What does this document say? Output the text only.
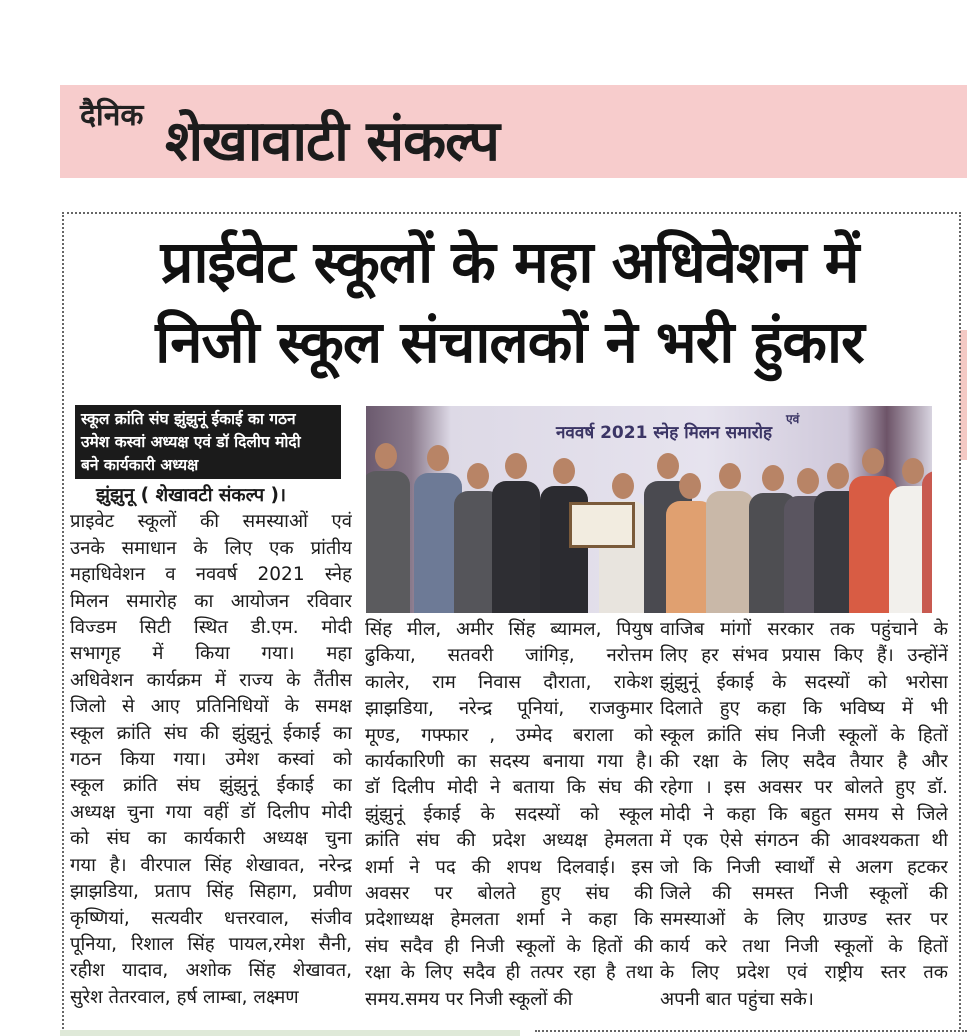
दैनिक शेखावाटी संकल्प
प्राईवेट स्कूलों के महा अधिवेशन में
निजी स्कूल संचालकों ने भरी हुंकार
स्कूल क्रांति संघ झुंझुनूं ईकाई का गठन
उमेश कस्वां अध्यक्ष एवं डॉ दिलीप मोदी
बने कार्यकारी अध्यक्ष
एवं
नववर्ष 2021 स्नेह मिलन समारोह
झुंझुनू ( शेखावटी संकल्प )।
प्राइवेट स्कूलों की समस्याओं एवं
उनके समाधान के लिए एक प्रांतीय
महाधिवेशन व नववर्ष 2021 स्नेह
मिलन समारोह का आयोजन रविवार
विज्डम सिटी स्थित डी.एम. मोदी
सभागृह में किया गया। महा
अधिवेशन कार्यक्रम में राज्य के तैंतीस
जिलो से आए प्रतिनिधियों के समक्ष
स्कूल क्रांति संघ की झुंझुनूं ईकाई का
गठन किया गया। उमेश कस्वां को
स्कूल क्रांति संघ झुंझुनूं ईकाई का
अध्यक्ष चुना गया वहीं डॉ दिलीप मोदी
को संघ का कार्यकारी अध्यक्ष चुना
गया है। वीरपाल सिंह शेखावत, नरेन्द्र
झाझडिया, प्रताप सिंह सिहाग, प्रवीण
कृष्णियां, सत्यवीर धत्तरवाल, संजीव
पूनिया, रिशाल सिंह पायल,रमेश सैनी,
रहीश यादाव, अशोक सिंह शेखावत,
सुरेश तेतरवाल, हर्ष लाम्बा, लक्ष्मण
सिंह मील, अमीर सिंह ब्यामल, पियुष
ढुकिया, सतवरी जांगिड़, नरोत्तम
कालेर, राम निवास दौराता, राकेश
झाझडिया, नरेन्द्र पूनियां, राजकुमार
मूण्ड, गफ्फार , उम्मेद बराला को
कार्यकारिणी का सदस्य बनाया गया है।
डॉ दिलीप मोदी ने बताया कि संघ की
झुंझुनूं ईकाई के सदस्यों को स्कूल
क्रांति संघ की प्रदेश अध्यक्ष हेमलता
शर्मा ने पद की शपथ दिलवाई। इस
अवसर पर बोलते हुए संघ की
प्रदेशाध्यक्ष हेमलता शर्मा ने कहा कि
संघ सदैव ही निजी स्कूलों के हितों की
रक्षा के लिए सदैव ही तत्पर रहा है तथा
समय.समय पर निजी स्कूलों की
वाजिब मांगों सरकार तक पहुंचाने के
लिए हर संभव प्रयास किए हैं। उन्होंनें
झुंझुनूं ईकाई के सदस्यों को भरोसा
दिलाते हुए कहा कि भविष्य में भी
स्कूल क्रांति संघ निजी स्कूलों के हितों
की रक्षा के लिए सदैव तैयार है और
रहेगा । इस अवसर पर बोलते हुए डॉ.
मोदी ने कहा कि बहुत समय से जिले
में एक ऐसे संगठन की आवश्यकता थी
जो कि निजी स्वार्थों से अलग हटकर
जिले की समस्त निजी स्कूलों की
समस्याओं के लिए ग्राउण्ड स्तर पर
कार्य करे तथा निजी स्कूलों के हितों
के लिए प्रदेश एवं राष्ट्रीय स्तर तक
अपनी बात पहुंचा सके।
